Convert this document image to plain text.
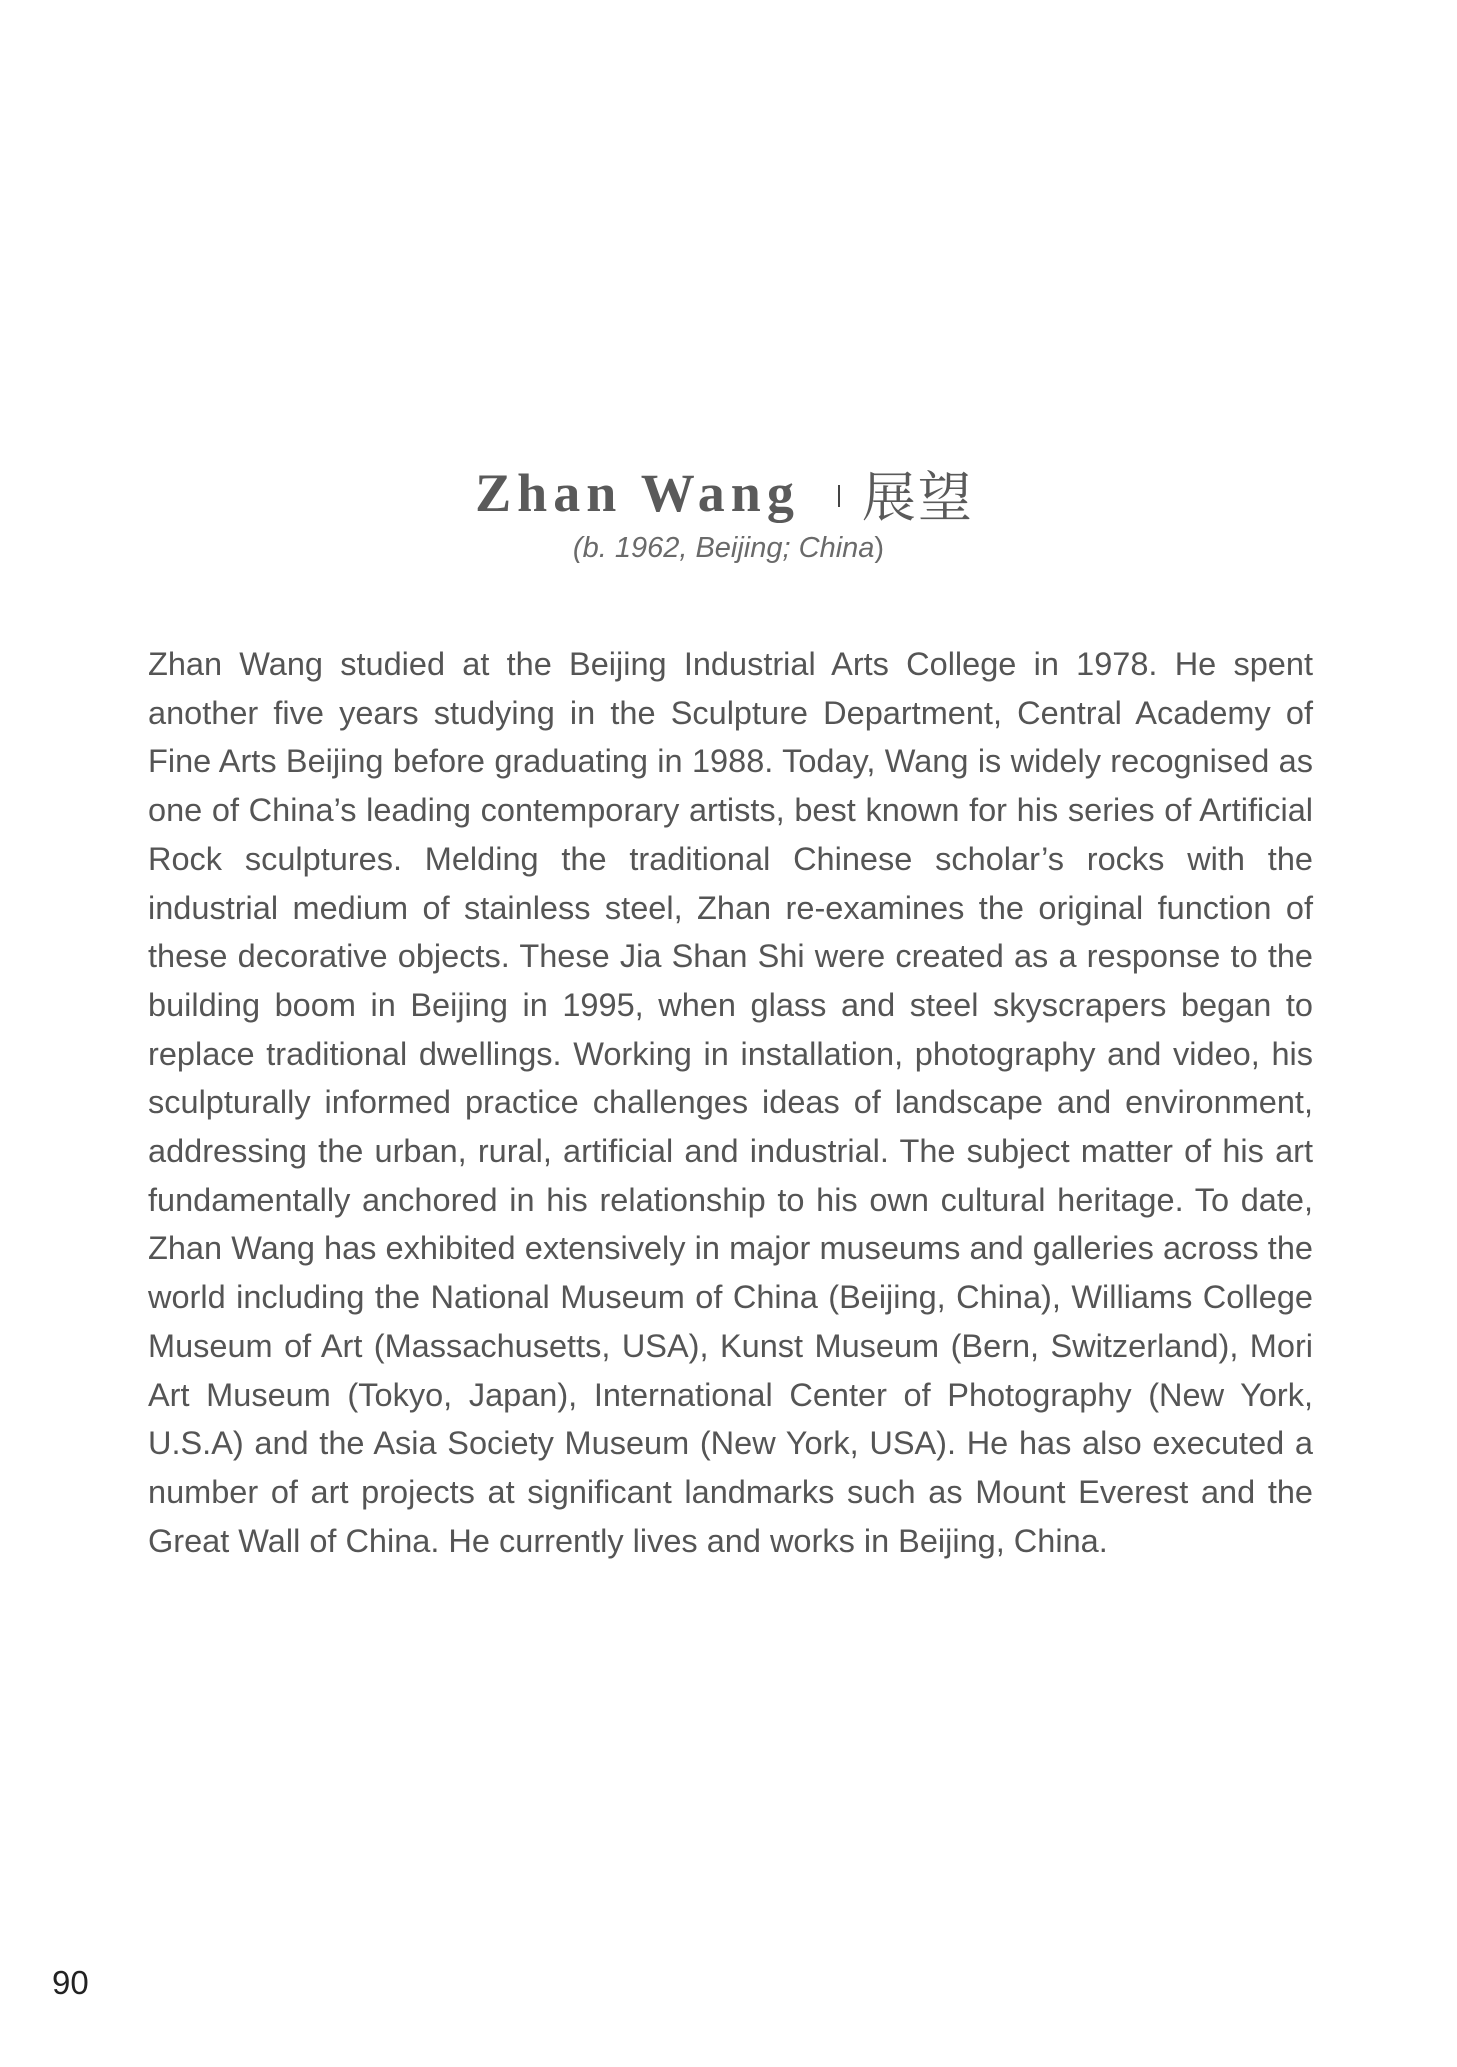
Zhan Wang 展望
(b. 1962, Beijing; China)

Zhan Wang studied at the Beijing Industrial Arts College in 1978. He spent another five years studying in the Sculpture Department, Central Academy of Fine Arts Beijing before graduating in 1988. Today, Wang is widely recognised as one of China’s leading contemporary artists, best known for his series of Artificial Rock sculptures. Melding the traditional Chinese scholar’s rocks with the industrial medium of stainless steel, Zhan re-examines the original function of these decorative objects. These Jia Shan Shi were created as a response to the building boom in Beijing in 1995, when glass and steel skyscrapers began to replace traditional dwellings. Working in installation, photography and video, his sculpturally informed practice challenges ideas of landscape and environment, addressing the urban, rural, artificial and industrial. The subject matter of his art fundamentally anchored in his relationship to his own cultural heritage. To date, Zhan Wang has exhibited extensively in major museums and galleries across the world including the National Museum of China (Beijing, China), Williams College Museum of Art (Massachusetts, USA), Kunst Museum (Bern, Switzerland), Mori Art Museum (Tokyo, Japan), International Center of Photography (New York, U.S.A) and the Asia Society Museum (New York, USA). He has also executed a number of art projects at significant landmarks such as Mount Everest and the Great Wall of China. He currently lives and works in Beijing, China.

90
